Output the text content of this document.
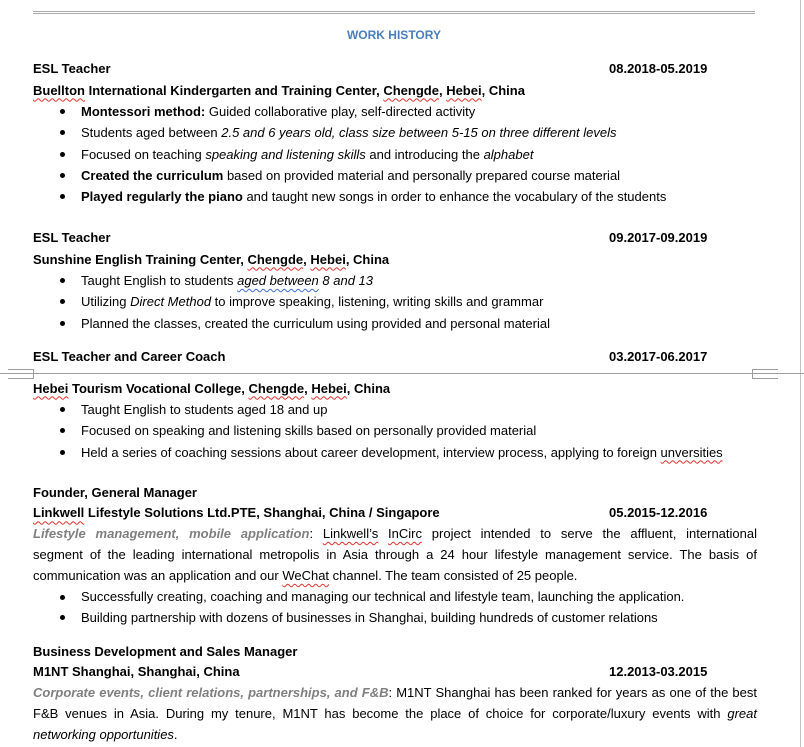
WORK HISTORY
ESL Teacher	08.2018-05.2019
Buellton International Kindergarten and Training Center, Chengde, Hebei, China
Montessori method: Guided collaborative play, self-directed activity
Students aged between 2.5 and 6 years old, class size between 5-15 on three different levels
Focused on teaching speaking and listening skills and introducing the alphabet
Created the curriculum based on provided material and personally prepared course material
Played regularly the piano and taught new songs in order to enhance the vocabulary of the students
ESL Teacher	09.2017-09.2019
Sunshine English Training Center, Chengde, Hebei, China
Taught English to students aged between 8 and 13
Utilizing Direct Method to improve speaking, listening, writing skills and grammar
Planned the classes, created the curriculum using provided and personal material
ESL Teacher and Career Coach	03.2017-06.2017
Hebei Tourism Vocational College, Chengde, Hebei, China
Taught English to students aged 18 and up
Focused on speaking and listening skills based on personally provided material
Held a series of coaching sessions about career development, interview process, applying to foreign unversities
Founder, General Manager
Linkwell Lifestyle Solutions Ltd.PTE, Shanghai, China / Singapore	05.2015-12.2016
Lifestyle management, mobile application: Linkwell’s InCirc project intended to serve the affluent, international
segment of the leading international metropolis in Asia through a 24 hour lifestyle management service. The basis of
communication was an application and our WeChat channel. The team consisted of 25 people.
Successfully creating, coaching and managing our technical and lifestyle team, launching the application.
Building partnership with dozens of businesses in Shanghai, building hundreds of customer relations
Business Development and Sales Manager
M1NT Shanghai, Shanghai, China	12.2013-03.2015
Corporate events, client relations, partnerships, and F&B: M1NT Shanghai has been ranked for years as one of the best
F&B venues in Asia. During my tenure, M1NT has become the place of choice for corporate/luxury events with great
networking opportunities.
